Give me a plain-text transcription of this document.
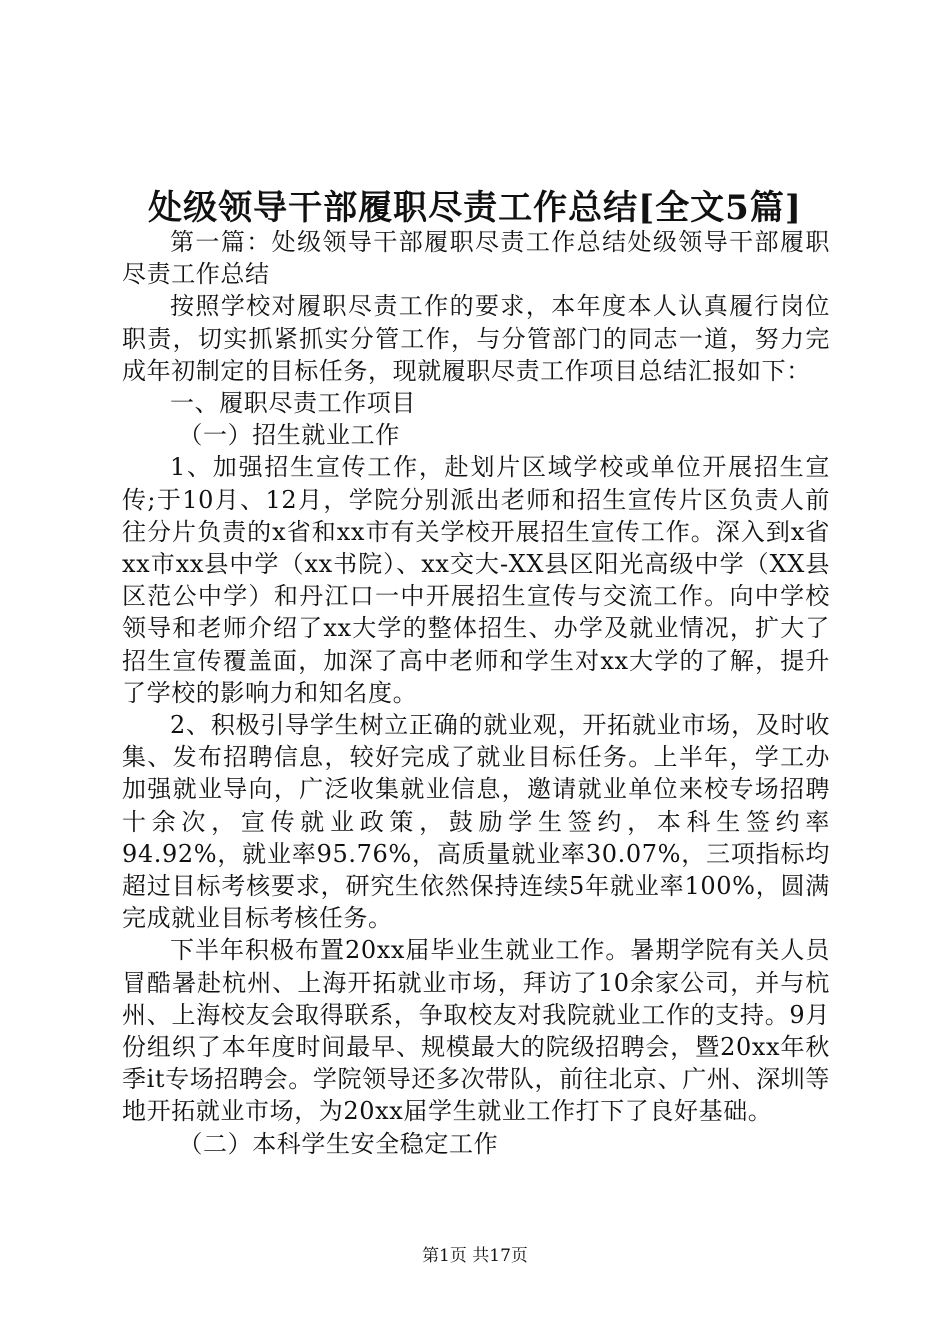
处级领导干部履职尽责工作总结[全文5篇]

第一篇：处级领导干部履职尽责工作总结处级领导干部履职尽责工作总结

按照学校对履职尽责工作的要求，本年度本人认真履行岗位职责，切实抓紧抓实分管工作，与分管部门的同志一道，努力完成年初制定的目标任务，现就履职尽责工作项目总结汇报如下：

一、履职尽责工作项目

（一）招生就业工作

1、加强招生宣传工作，赴划片区域学校或单位开展招生宣传;于10月、12月，学院分别派出老师和招生宣传片区负责人前往分片负责的x省和xx市有关学校开展招生宣传工作。深入到x省xx市xx县中学（xx书院）、xx交大-XX县区阳光高级中学（XX县区范公中学）和丹江口一中开展招生宣传与交流工作。向中学校领导和老师介绍了xx大学的整体招生、办学及就业情况，扩大了招生宣传覆盖面，加深了高中老师和学生对xx大学的了解，提升了学校的影响力和知名度。

2、积极引导学生树立正确的就业观，开拓就业市场，及时收集、发布招聘信息，较好完成了就业目标任务。上半年，学工办加强就业导向，广泛收集就业信息，邀请就业单位来校专场招聘十余次，宣传就业政策，鼓励学生签约，本科生签约率94.92%，就业率95.76%，高质量就业率30.07%，三项指标均超过目标考核要求，研究生依然保持连续5年就业率100%，圆满完成就业目标考核任务。

下半年积极布置20xx届毕业生就业工作。暑期学院有关人员冒酷暑赴杭州、上海开拓就业市场，拜访了10余家公司，并与杭州、上海校友会取得联系，争取校友对我院就业工作的支持。9月份组织了本年度时间最早、规模最大的院级招聘会，暨20xx年秋季it专场招聘会。学院领导还多次带队，前往北京、广州、深圳等地开拓就业市场，为20xx届学生就业工作打下了良好基础。

（二）本科学生安全稳定工作

第1页 共17页
